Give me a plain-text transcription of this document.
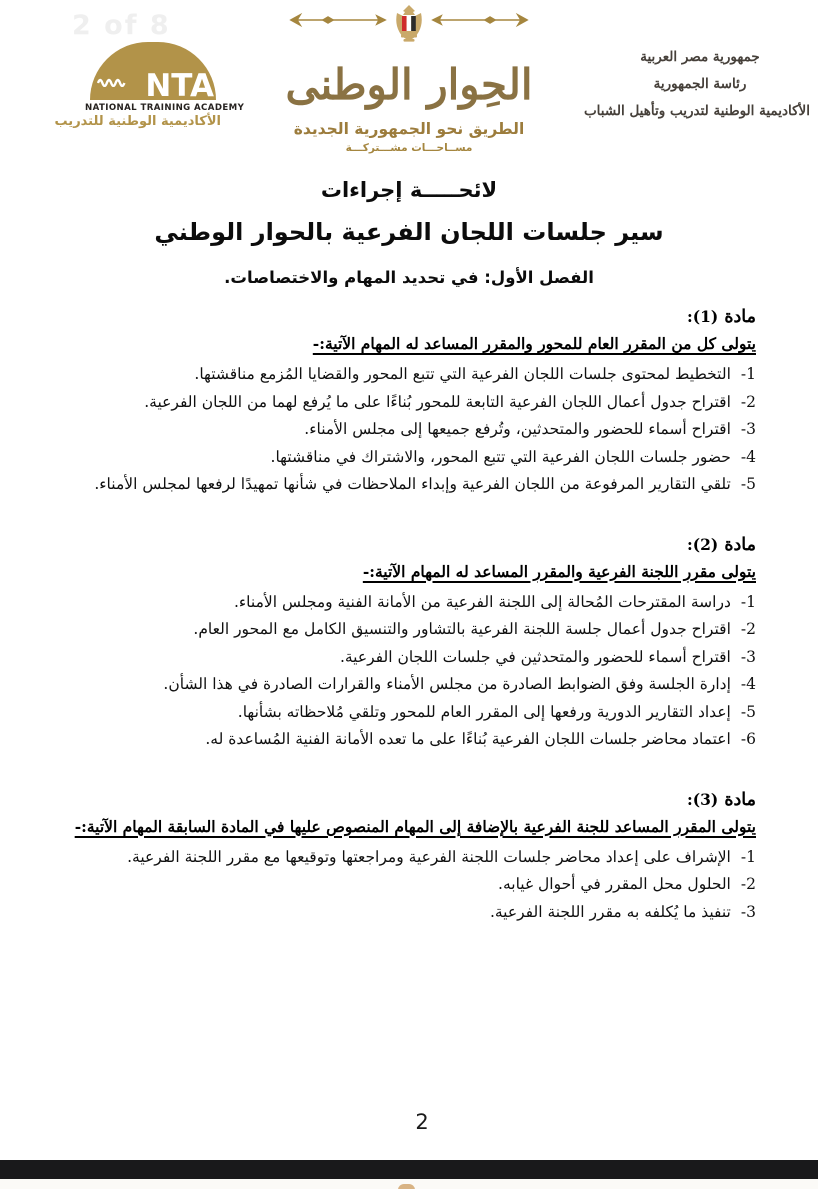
2 of 8
NTA
NATIONAL TRAINING ACADEMY
الأكاديمية الوطنية للتدريب
الحِوار الوطنى
الطريق نحو الجمهورية الجديدة
مســاحـــات مشـــتركـــة
جمهورية مصر العربية
رئاسة الجمهورية
الأكاديمية الوطنية لتدريب وتأهيل الشباب
لائحـــــة إجراءات
سير جلسات اللجان الفرعية بالحوار الوطني
الفصل الأول: في تحديد المهام والاختصاصات.
مادة (1):
يتولى كل من المقرر العام للمحور والمقرر المساعد له المهام الآتية:-
1-التخطيط لمحتوى جلسات اللجان الفرعية التي تتبع المحور والقضايا المُزمع مناقشتها.
2-اقتراح جدول أعمال اللجان الفرعية التابعة للمحور بُناءًا على ما يُرفع لهما من اللجان الفرعية.
3-اقتراح أسماء للحضور والمتحدثين، وتُرفع جميعها إلى مجلس الأمناء.
4-حضور جلسات اللجان الفرعية التي تتبع المحور، والاشتراك في مناقشتها.
5-تلقي التقارير المرفوعة من اللجان الفرعية وإبداء الملاحظات في شأنها تمهيدًا لرفعها لمجلس الأمناء.
مادة (2):
يتولى مقرر اللجنة الفرعية والمقرر المساعد له المهام الآتية:-
1-دراسة المقترحات المُحالة إلى اللجنة الفرعية من الأمانة الفنية ومجلس الأمناء.
2-اقتراح جدول أعمال جلسة اللجنة الفرعية بالتشاور والتنسيق الكامل مع المحور العام.
3-اقتراح أسماء للحضور والمتحدثين في جلسات اللجان الفرعية.
4-إدارة الجلسة وفق الضوابط الصادرة من مجلس الأمناء والقرارات الصادرة في هذا الشأن.
5-إعداد التقارير الدورية ورفعها إلى المقرر العام للمحور وتلقي مُلاحظاته بشأنها.
6-اعتماد محاضر جلسات اللجان الفرعية بُناءًا على ما تعده الأمانة الفنية المُساعدة له.
مادة (3):
يتولى المقرر المساعد للجنة الفرعية بالإضافة إلى المهام المنصوص عليها في المادة السابقة المهام الآتية:-
1-الإشراف على إعداد محاضر جلسات اللجنة الفرعية ومراجعتها وتوقيعها مع مقرر اللجنة الفرعية.
2-الحلول محل المقرر في أحوال غيابه.
3-تنفيذ ما يُكلفه به مقرر اللجنة الفرعية.
2
